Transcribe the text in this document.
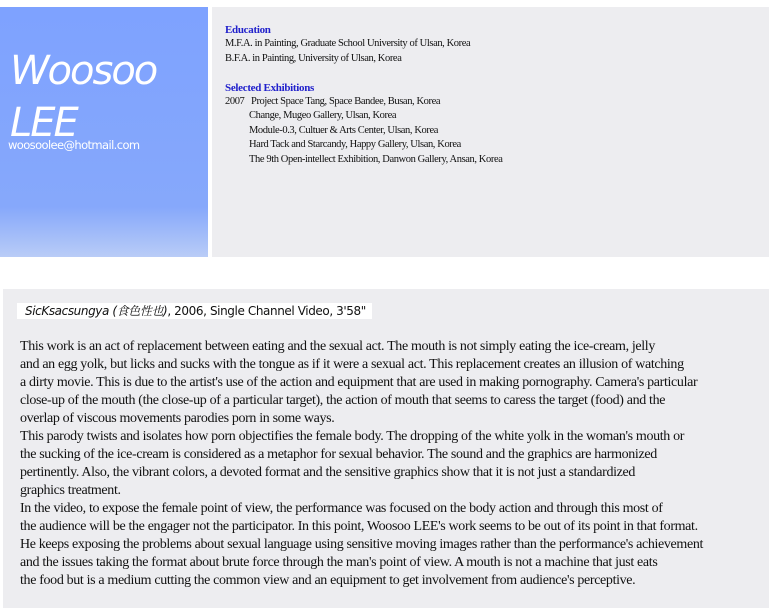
Woosoo
LEE
woosoolee@hotmail.com
Education
M.F.A. in Painting, Graduate School University of Ulsan, Korea
B.F.A. in Painting, University of Ulsan, Korea
Selected Exhibitions
2007 Project Space Tang, Space Bandee, Busan, Korea
Change, Mugeo Gallery, Ulsan, Korea
Module-0.3, Cultuer & Arts Center, Ulsan, Korea
Hard Tack and Starcandy, Happy Gallery, Ulsan, Korea
The 9th Open-intellect Exhibition, Danwon Gallery, Ansan, Korea
SicKsacsungya (食色性也), 2006, Single Channel Video, 3'58"
This work is an act of replacement between eating and the sexual act. The mouth is not simply eating the ice-cream, jelly
and an egg yolk, but licks and sucks with the tongue as if it were a sexual act. This replacement creates an illusion of watching
a dirty movie. This is due to the artist's use of the action and equipment that are used in making pornography. Camera's particular
close-up of the mouth (the close-up of a particular target), the action of mouth that seems to caress the target (food) and the
overlap of viscous movements parodies porn in some ways.
This parody twists and isolates how porn objectifies the female body. The dropping of the white yolk in the woman's mouth or
the sucking of the ice-cream is considered as a metaphor for sexual behavior. The sound and the graphics are harmonized
pertinently. Also, the vibrant colors, a devoted format and the sensitive graphics show that it is not just a standardized
graphics treatment.
In the video, to expose the female point of view, the performance was focused on the body action and through this most of
the audience will be the engager not the participator. In this point, Woosoo LEE's work seems to be out of its point in that format.
He keeps exposing the problems about sexual language using sensitive moving images rather than the performance's achievement
and the issues taking the format about brute force through the man's point of view. A mouth is not a machine that just eats
the food but is a medium cutting the common view and an equipment to get involvement from audience's perceptive.
